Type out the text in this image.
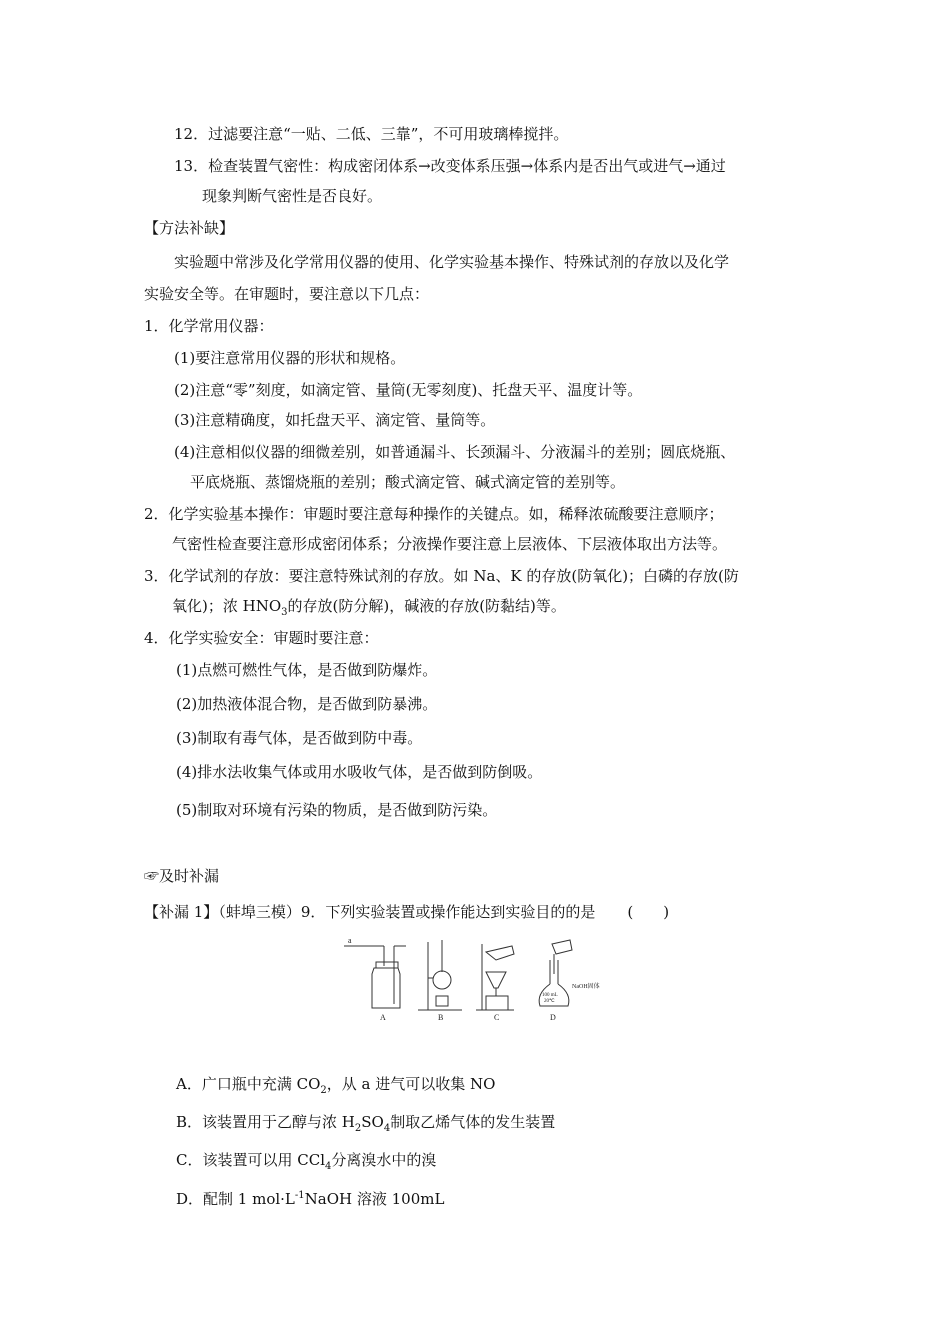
12．过滤要注意“一贴、二低、三靠”，不可用玻璃棒搅拌。
13．检查装置气密性：构成密闭体系→改变体系压强→体系内是否出气或进气→通过
现象判断气密性是否良好。
【方法补缺】
实验题中常涉及化学常用仪器的使用、化学实验基本操作、特殊试剂的存放以及化学
实验安全等。在审题时，要注意以下几点：
1．化学常用仪器：
(1)要注意常用仪器的形状和规格。
(2)注意“零”刻度，如滴定管、量筒(无零刻度)、托盘天平、温度计等。
(3)注意精确度，如托盘天平、滴定管、量筒等。
(4)注意相似仪器的细微差别，如普通漏斗、长颈漏斗、分液漏斗的差别；圆底烧瓶、
平底烧瓶、蒸馏烧瓶的差别；酸式滴定管、碱式滴定管的差别等。
2．化学实验基本操作：审题时要注意每种操作的关键点。如，稀释浓硫酸要注意顺序；
气密性检查要注意形成密闭体系；分液操作要注意上层液体、下层液体取出方法等。
3．化学试剂的存放：要注意特殊试剂的存放。如 Na、K 的存放(防氧化)；白磷的存放(防
氧化)；浓 $HNO_3$的存放(防分解)，碱液的存放(防黏结)等。
4．化学实验安全：审题时要注意：
(1)点燃可燃性气体，是否做到防爆炸。
(2)加热液体混合物，是否做到防暴沸。
(3)制取有毒气体，是否做到防中毒。
(4)排水法收集气体或用水吸收气体，是否做到防倒吸。
(5)制取对环境有污染的物质，是否做到防污染。
☞及时补漏
【补漏 1】（蚌埠三模）9．下列实验装置或操作能达到实验目的的是 (　　)
a
A	B	C	D
100 mL
20℃
NaOH固体
A．广口瓶中充满 $CO_2$，从 a 进气可以收集 NO
B．该装置用于乙醇与浓 $H_2SO_4$制取乙烯气体的发生装置
C．该装置可以用 CCl$_4$分离溴水中的溴
D．配制 1 $mol\cdot L^{-1}NaOH$ 溶液 100mL
